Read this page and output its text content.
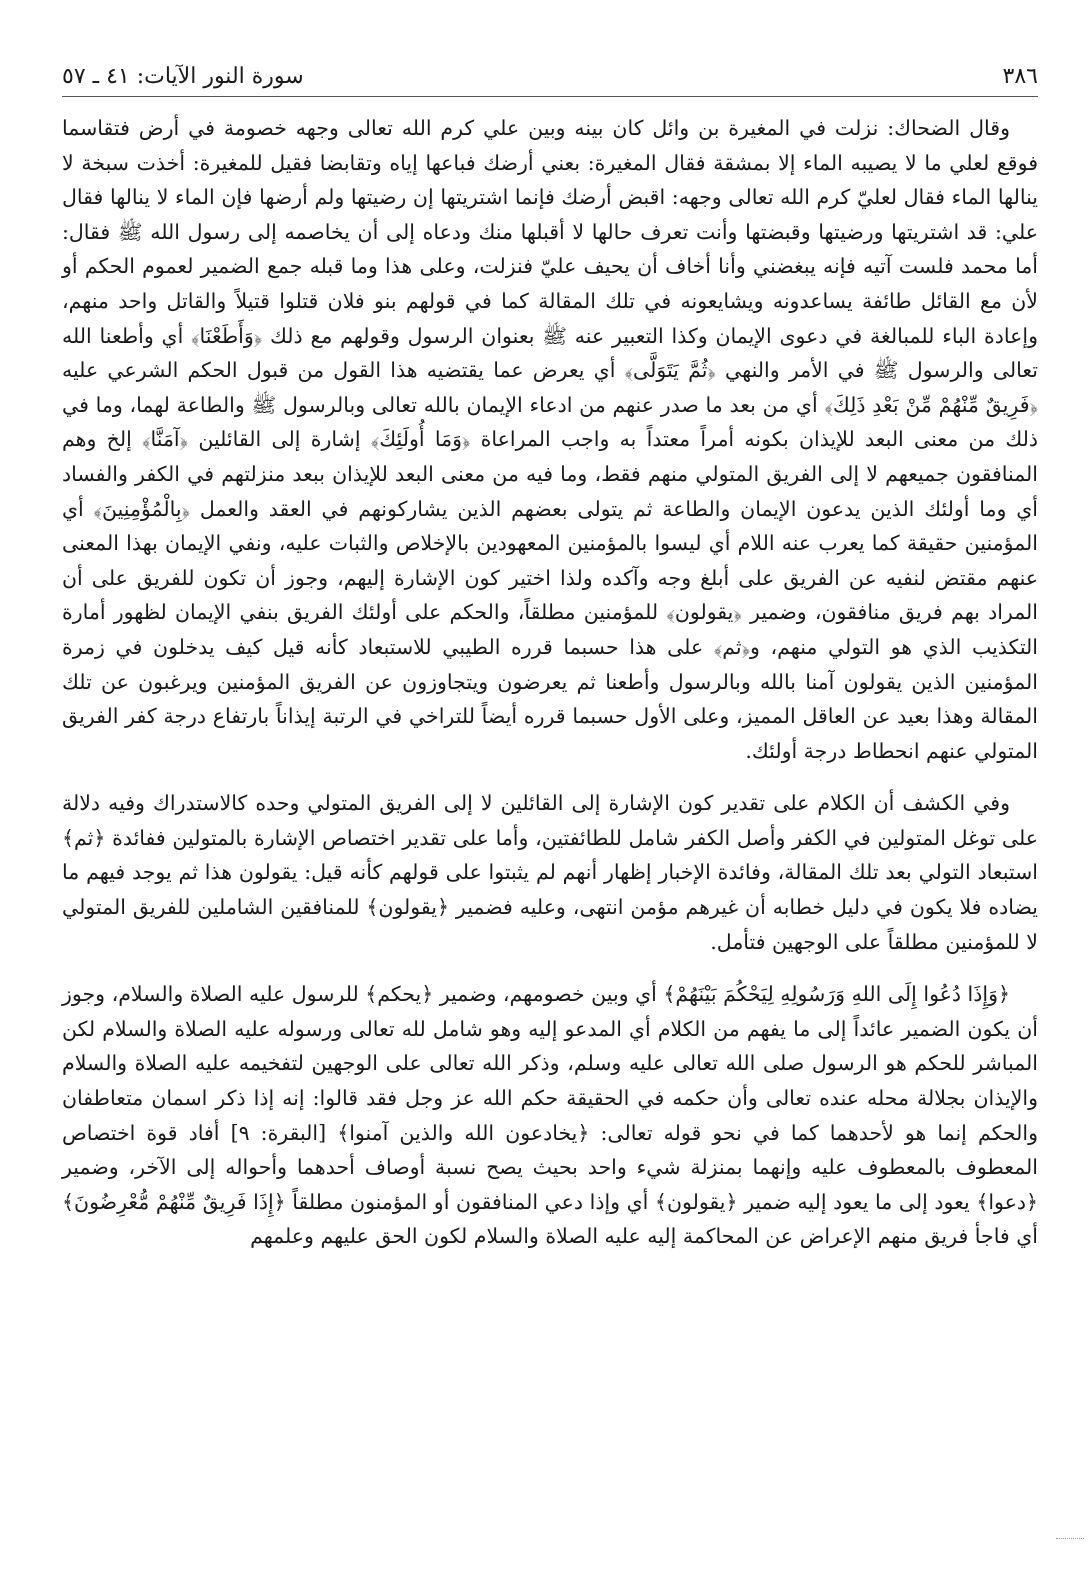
٣٨٦
سورة النور الآيات: ٤١ ـ ٥٧

وقال الضحاك: نزلت في المغيرة بن وائل كان بينه وبين علي كرم الله تعالى وجهه خصومة في أرض فتقاسما فوقع لعلي ما لا يصيبه الماء إلا بمشقة فقال المغيرة: بعني أرضك فباعها إياه وتقابضا فقيل للمغيرة: أخذت سبخة لا ينالها الماء فقال لعليّ كرم الله تعالى وجهه: اقبض أرضك فإنما اشتريتها إن رضيتها ولم أرضها فإن الماء لا ينالها فقال علي: قد اشتريتها ورضيتها وقبضتها وأنت تعرف حالها لا أقبلها منك ودعاه إلى أن يخاصمه إلى رسول الله ﷺ فقال: أما محمد فلست آتيه فإنه يبغضني وأنا أخاف أن يحيف عليّ فنزلت، وعلى هذا وما قبله جمع الضمير لعموم الحكم أو لأن مع القائل طائفة يساعدونه ويشايعونه في تلك المقالة كما في قولهم بنو فلان قتلوا قتيلاً والقاتل واحد منهم، وإعادة الباء للمبالغة في دعوى الإيمان وكذا التعبير عنه ﷺ بعنوان الرسول وقولهم مع ذلك ﴿وَأَطَعْنَا﴾ أي وأطعنا الله تعالى والرسول ﷺ في الأمر والنهي ﴿ثُمَّ يَتَوَلَّى﴾ أي يعرض عما يقتضيه هذا القول من قبول الحكم الشرعي عليه ﴿فَرِيقٌ مِّنْهُمْ مِّنْ بَعْدِ ذَلِكَ﴾ أي من بعد ما صدر عنهم من ادعاء الإيمان بالله تعالى وبالرسول ﷺ والطاعة لهما، وما في ذلك من معنى البعد للإيذان بكونه أمراً معتداً به واجب المراعاة ﴿وَمَا أُولَئِكَ﴾ إشارة إلى القائلين ﴿آمَنَّا﴾ إلخ وهم المنافقون جميعهم لا إلى الفريق المتولي منهم فقط، وما فيه من معنى البعد للإيذان ببعد منزلتهم في الكفر والفساد أي وما أولئك الذين يدعون الإيمان والطاعة ثم يتولى بعضهم الذين يشاركونهم في العقد والعمل ﴿بِالْمُؤْمِنِينَ﴾ أي المؤمنين حقيقة كما يعرب عنه اللام أي ليسوا بالمؤمنين المعهودين بالإخلاص والثبات عليه، ونفي الإيمان بهذا المعنى عنهم مقتض لنفيه عن الفريق على أبلغ وجه وآكده ولذا اختير كون الإشارة إليهم، وجوز أن تكون للفريق على أن المراد بهم فريق منافقون، وضمير ﴿يقولون﴾ للمؤمنين مطلقاً، والحكم على أولئك الفريق بنفي الإيمان لظهور أمارة التكذيب الذي هو التولي منهم، و﴿ثم﴾ على هذا حسبما قرره الطيبي للاستبعاد كأنه قيل كيف يدخلون في زمرة المؤمنين الذين يقولون آمنا بالله وبالرسول وأطعنا ثم يعرضون ويتجاوزون عن الفريق المؤمنين ويرغبون عن تلك المقالة وهذا بعيد عن العاقل المميز، وعلى الأول حسبما قرره أيضاً للتراخي في الرتبة إيذاناً بارتفاع درجة كفر الفريق المتولي عنهم انحطاط درجة أولئك.

وفي الكشف أن الكلام على تقدير كون الإشارة إلى القائلين لا إلى الفريق المتولي وحده كالاستدراك وفيه دلالة على توغل المتولين في الكفر وأصل الكفر شامل للطائفتين، وأما على تقدير اختصاص الإشارة بالمتولين ففائدة ﴿ثم﴾ استبعاد التولي بعد تلك المقالة، وفائدة الإخبار إظهار أنهم لم يثبتوا على قولهم كأنه قيل: يقولون هذا ثم يوجد فيهم ما يضاده فلا يكون في دليل خطابه أن غيرهم مؤمن انتهى، وعليه فضمير ﴿يقولون﴾ للمنافقين الشاملين للفريق المتولي لا للمؤمنين مطلقاً على الوجهين فتأمل.

﴿وَإِذَا دُعُوا إِلَى اللهِ وَرَسُولِهِ لِيَحْكُمَ بَيْنَهُمْ﴾ أي وبين خصومهم، وضمير ﴿يحكم﴾ للرسول عليه الصلاة والسلام، وجوز أن يكون الضمير عائداً إلى ما يفهم من الكلام أي المدعو إليه وهو شامل لله تعالى ورسوله عليه الصلاة والسلام لكن المباشر للحكم هو الرسول صلى الله تعالى عليه وسلم، وذكر الله تعالى على الوجهين لتفخيمه عليه الصلاة والسلام والإيذان بجلالة محله عنده تعالى وأن حكمه في الحقيقة حكم الله عز وجل فقد قالوا: إنه إذا ذكر اسمان متعاطفان والحكم إنما هو لأحدهما كما في نحو قوله تعالى: ﴿يخادعون الله والذين آمنوا﴾ [البقرة: ٩] أفاد قوة اختصاص المعطوف بالمعطوف عليه وإنهما بمنزلة شيء واحد بحيث يصح نسبة أوصاف أحدهما وأحواله إلى الآخر، وضمير ﴿دعوا﴾ يعود إلى ما يعود إليه ضمير ﴿يقولون﴾ أي وإذا دعي المنافقون أو المؤمنون مطلقاً ﴿إِذَا فَرِيقٌ مِّنْهُمْ مُّعْرِضُونَ﴾ أي فاجأ فريق منهم الإعراض عن المحاكمة إليه عليه الصلاة والسلام لكون الحق عليهم وعلمهم
